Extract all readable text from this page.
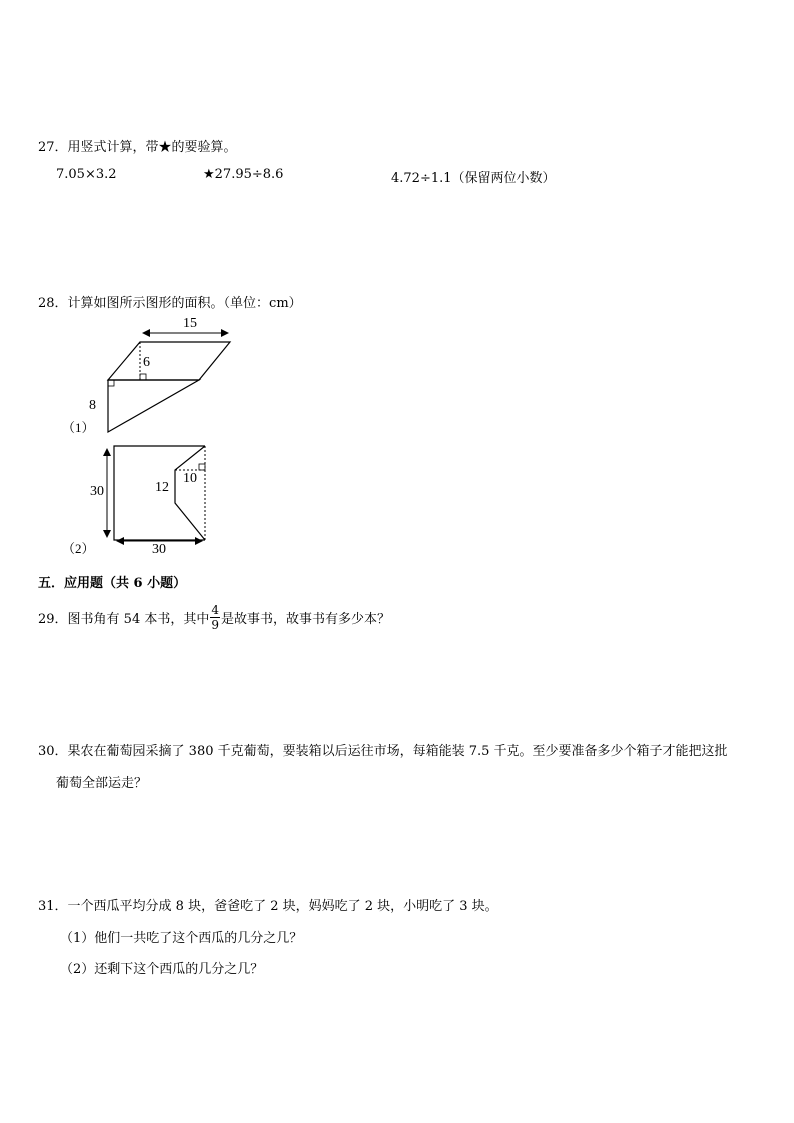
27．用竖式计算，带★的要验算。
7.05×3.2	★27.95÷8.6	4.72÷1.1（保留两位小数）
28．计算如图所示图形的面积。（单位：cm）
15
6
8
（1）
10
12
30
30
（2）
五．应用题（共 6 小题）
29．图书角有 54 本书，其中 $\frac{4}{9}$ 是故事书，故事书有多少本？
30．果农在葡萄园采摘了 380 千克葡萄，要装箱以后运往市场，每箱能装 7.5 千克。至少要准备多少个箱子才能把这批
葡萄全部运走？
31．一个西瓜平均分成 8 块，爸爸吃了 2 块，妈妈吃了 2 块，小明吃了 3 块。
（1）他们一共吃了这个西瓜的几分之几？
（2）还剩下这个西瓜的几分之几？
